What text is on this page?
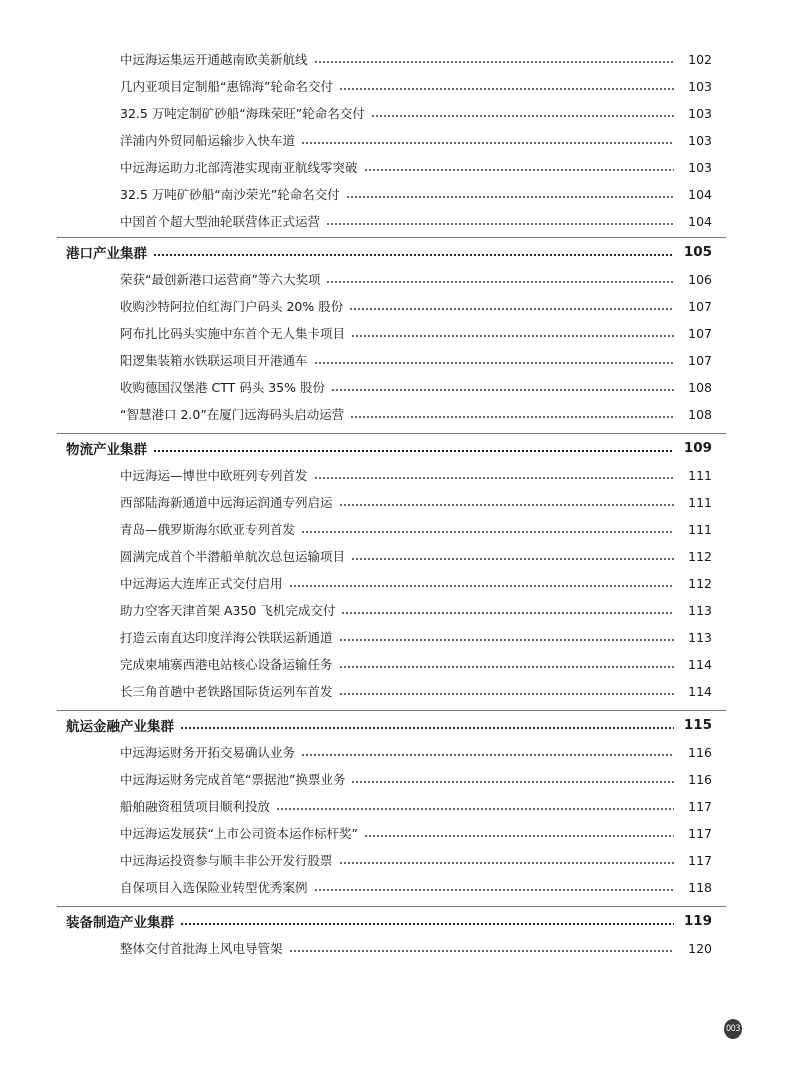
中远海运集运开通越南欧美新航线	102
几内亚项目定制船“惠锦海”轮命名交付	103
32.5 万吨定制矿砂船“海珠荣旺”轮命名交付	103
洋浦内外贸同船运输步入快车道	103
中远海运助力北部湾港实现南亚航线零突破	103
32.5 万吨矿砂船“南沙荣光”轮命名交付	104
中国首个超大型油轮联营体正式运营	104
港口产业集群	105
荣获“最创新港口运营商”等六大奖项	106
收购沙特阿拉伯红海门户码头 20% 股份	107
阿布扎比码头实施中东首个无人集卡项目	107
阳逻集装箱水铁联运项目开港通车	107
收购德国汉堡港 CTT 码头 35% 股份	108
“智慧港口 2.0”在厦门远海码头启动运营	108
物流产业集群	109
中远海运—博世中欧班列专列首发	111
西部陆海新通道中远海运润通专列启运	111
青岛—俄罗斯海尔欧亚专列首发	111
圆满完成首个半潜船单航次总包运输项目	112
中远海运大连库正式交付启用	112
助力空客天津首架 A350 飞机完成交付	113
打造云南直达印度洋海公铁联运新通道	113
完成柬埔寨西港电站核心设备运输任务	114
长三角首趟中老铁路国际货运列车首发	114
航运金融产业集群	115
中远海运财务开拓交易确认业务	116
中远海运财务完成首笔“票据池”换票业务	116
船舶融资租赁项目顺利投放	117
中远海运发展获“上市公司资本运作标杆奖”	117
中远海运投资参与顺丰非公开发行股票	117
自保项目入选保险业转型优秀案例	118
装备制造产业集群	119
整体交付首批海上风电导管架	120
003
